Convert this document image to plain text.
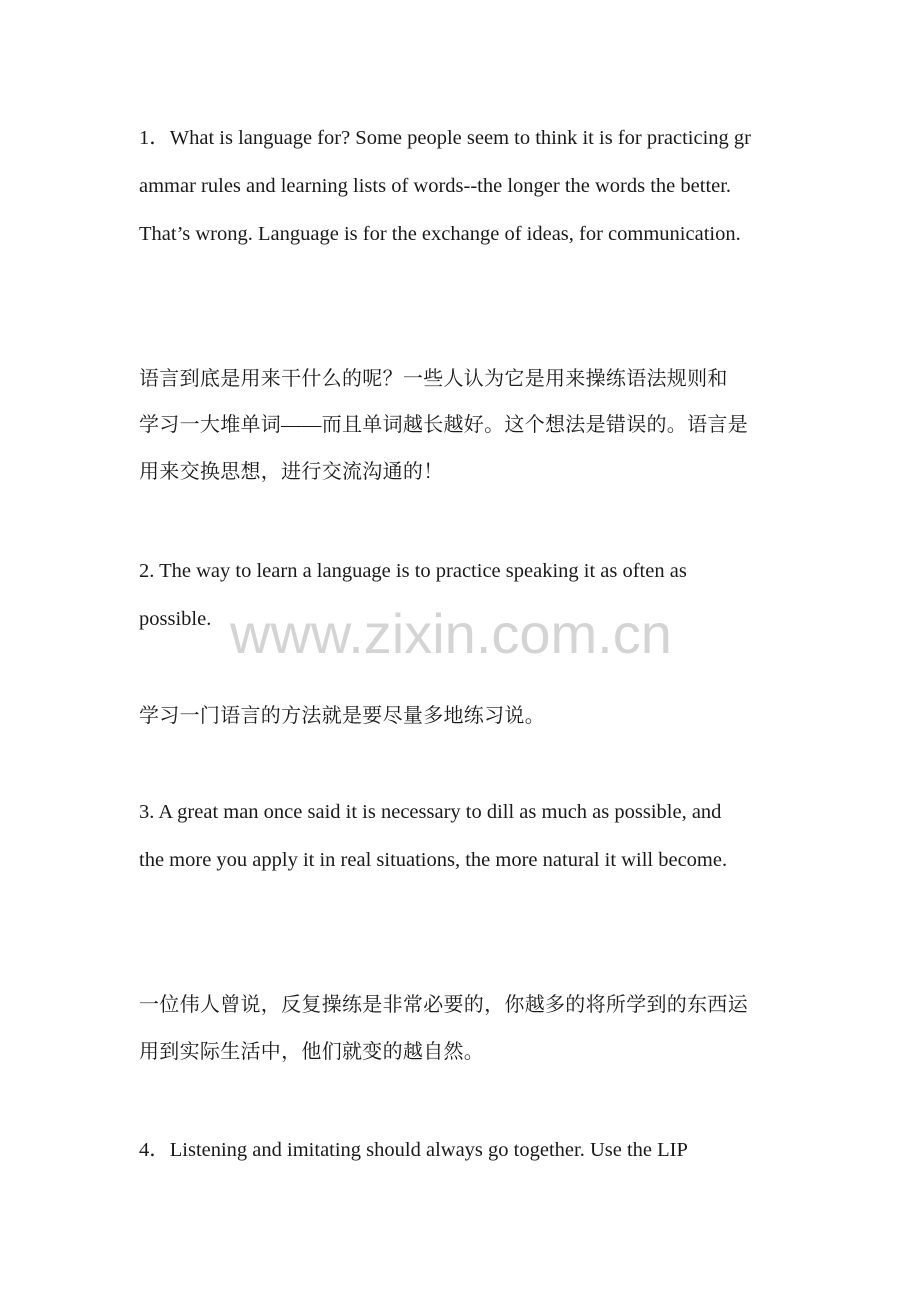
1．What is language for? Some people seem to think it is for practicing gr
ammar rules and learning lists of words--the longer the words the better.
That’s wrong. Language is for the exchange of ideas, for communication.
语言到底是用来干什么的呢？一些人认为它是用来操练语法规则和
学习一大堆单词——而且单词越长越好。这个想法是错误的。语言是
用来交换思想，进行交流沟通的！
2. The way to learn a language is to practice speaking it as often as
possible.
学习一门语言的方法就是要尽量多地练习说。
3. A great man once said it is necessary to dill as much as possible, and
the more you apply it in real situations, the more natural it will become.
一位伟人曾说，反复操练是非常必要的，你越多的将所学到的东西运
用到实际生活中，他们就变的越自然。
4．Listening and imitating should always go together. Use the LIP
www.zixin.com.cn
